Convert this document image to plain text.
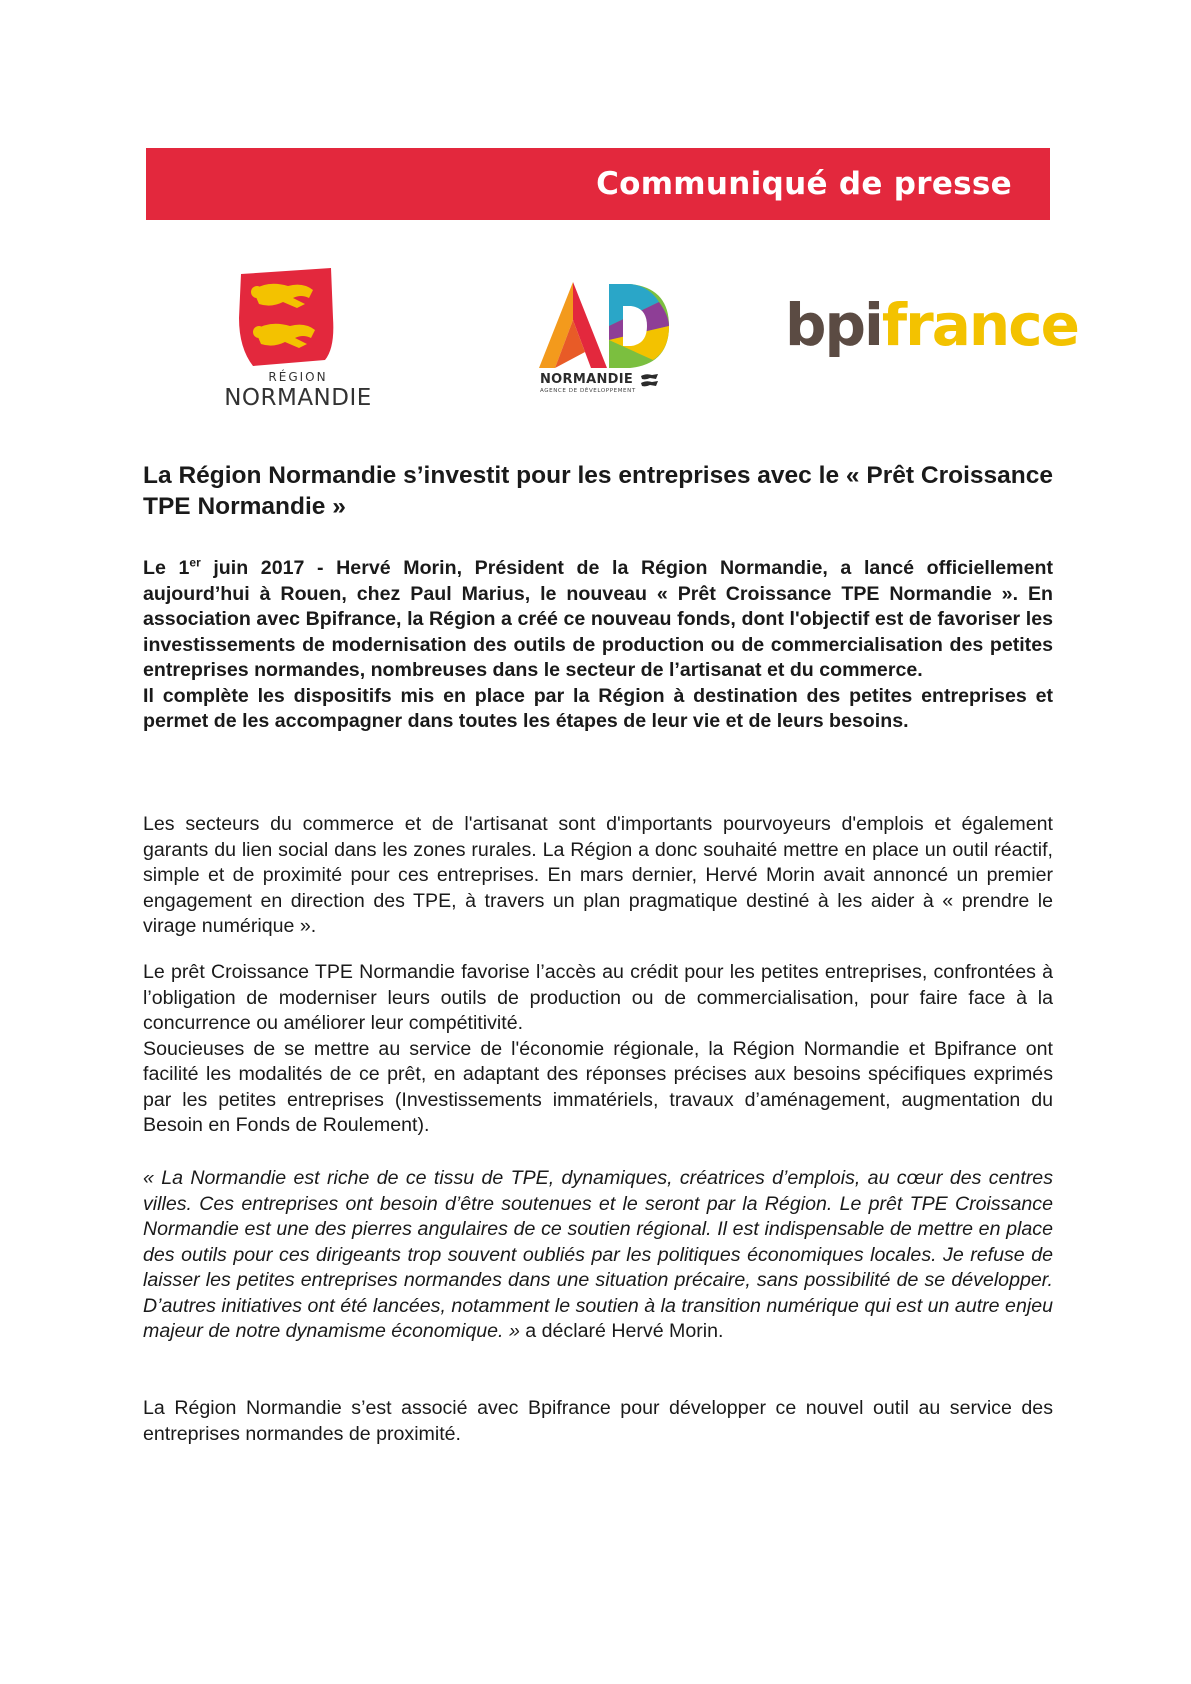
Communiqué de presse
RÉGION
NORMANDIE
NORMANDIE
AGENCE DE DÉVELOPPEMENT
bpifrance
La Région Normandie s’investit pour les entreprises avec le « Prêt Croissance TPE Normandie »

Le 1er juin 2017 - Hervé Morin, Président de la Région Normandie, a lancé officiellement aujourd’hui à Rouen, chez Paul Marius, le nouveau « Prêt Croissance TPE Normandie ». En association avec Bpifrance, la Région a créé ce nouveau fonds, dont l'objectif est de favoriser les investissements de modernisation des outils de production ou de commercialisation des petites entreprises normandes, nombreuses dans le secteur de l’artisanat et du commerce.

Il complète les dispositifs mis en place par la Région à destination des petites entreprises et permet de les accompagner dans toutes les étapes de leur vie et de leurs besoins.

Les secteurs du commerce et de l'artisanat sont d'importants pourvoyeurs d'emplois et également garants du lien social dans les zones rurales. La Région a donc souhaité mettre en place un outil réactif, simple et de proximité pour ces entreprises. En mars dernier, Hervé Morin avait annoncé un premier engagement en direction des TPE, à travers un plan pragmatique destiné à les aider à « prendre le virage numérique ».

Le prêt Croissance TPE Normandie favorise l’accès au crédit pour les petites entreprises, confrontées à l’obligation de moderniser leurs outils de production ou de commercialisation, pour faire face à la concurrence ou améliorer leur compétitivité.

Soucieuses de se mettre au service de l'économie régionale, la Région Normandie et Bpifrance ont facilité les modalités de ce prêt, en adaptant des réponses précises aux besoins spécifiques exprimés par les petites entreprises (Investissements immatériels, travaux d’aménagement, augmentation du Besoin en Fonds de Roulement).

« La Normandie est riche de ce tissu de TPE, dynamiques, créatrices d’emplois, au cœur des centres villes. Ces entreprises ont besoin d’être soutenues et le seront par la Région. Le prêt TPE Croissance Normandie est une des pierres angulaires de ce soutien régional. Il est indispensable de mettre en place des outils pour ces dirigeants trop souvent oubliés par les politiques économiques locales. Je refuse de laisser les petites entreprises normandes dans une situation précaire, sans possibilité de se développer. D’autres initiatives ont été lancées, notamment le soutien à la transition numérique qui est un autre enjeu majeur de notre dynamisme économique. » a déclaré Hervé Morin.
La Région Normandie s’est associé avec Bpifrance pour développer ce nouvel outil au service des entreprises normandes de proximité.
